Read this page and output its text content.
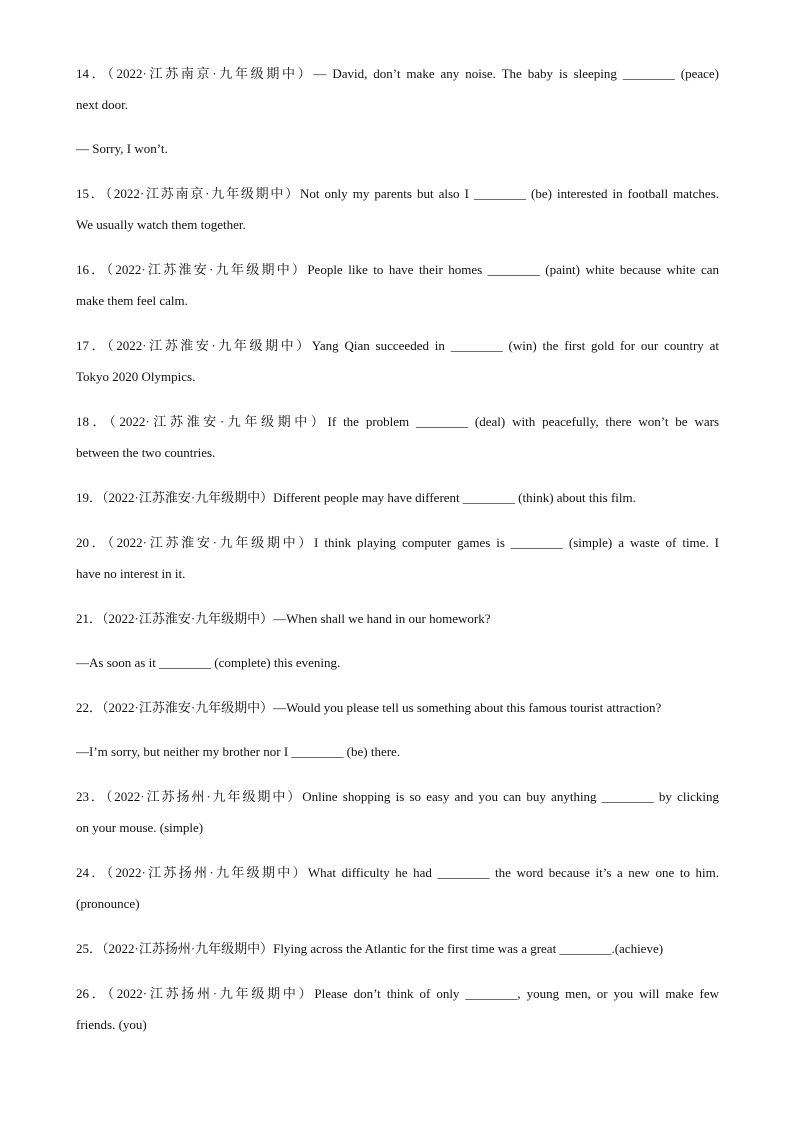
14．（2022·江苏南京·九年级期中）— David, don’t make any noise. The baby is sleeping ________ (peace)
next door.
— Sorry, I won’t.
15．（2022·江苏南京·九年级期中）Not only my parents but also I ________ (be) interested in football matches.
We usually watch them together.
16．（2022·江苏淮安·九年级期中）People like to have their homes ________ (paint) white because white can
make them feel calm.
17．（2022·江苏淮安·九年级期中）Yang Qian succeeded in ________ (win) the first gold for our country at
Tokyo 2020 Olympics.
18．（2022·江苏淮安·九年级期中）If the problem ________ (deal) with peacefully, there won’t be wars
between the two countries.
19．（2022·江苏淮安·九年级期中）Different people may have different ________ (think) about this film.
20．（2022·江苏淮安·九年级期中）I think playing computer games is ________ (simple) a waste of time. I
have no interest in it.
21．（2022·江苏淮安·九年级期中）—When shall we hand in our homework?
—As soon as it ________ (complete) this evening.
22．（2022·江苏淮安·九年级期中）—Would you please tell us something about this famous tourist attraction?
—I’m sorry, but neither my brother nor I ________ (be) there.
23．（2022·江苏扬州·九年级期中）Online shopping is so easy and you can buy anything ________ by clicking
on your mouse. (simple)
24．（2022·江苏扬州·九年级期中）What difficulty he had ________ the word because it’s a new one to him.
(pronounce)
25．（2022·江苏扬州·九年级期中）Flying across the Atlantic for the first time was a great ________.(achieve)
26．（2022·江苏扬州·九年级期中）Please don’t think of only ________, young men, or you will make few
friends. (you)
